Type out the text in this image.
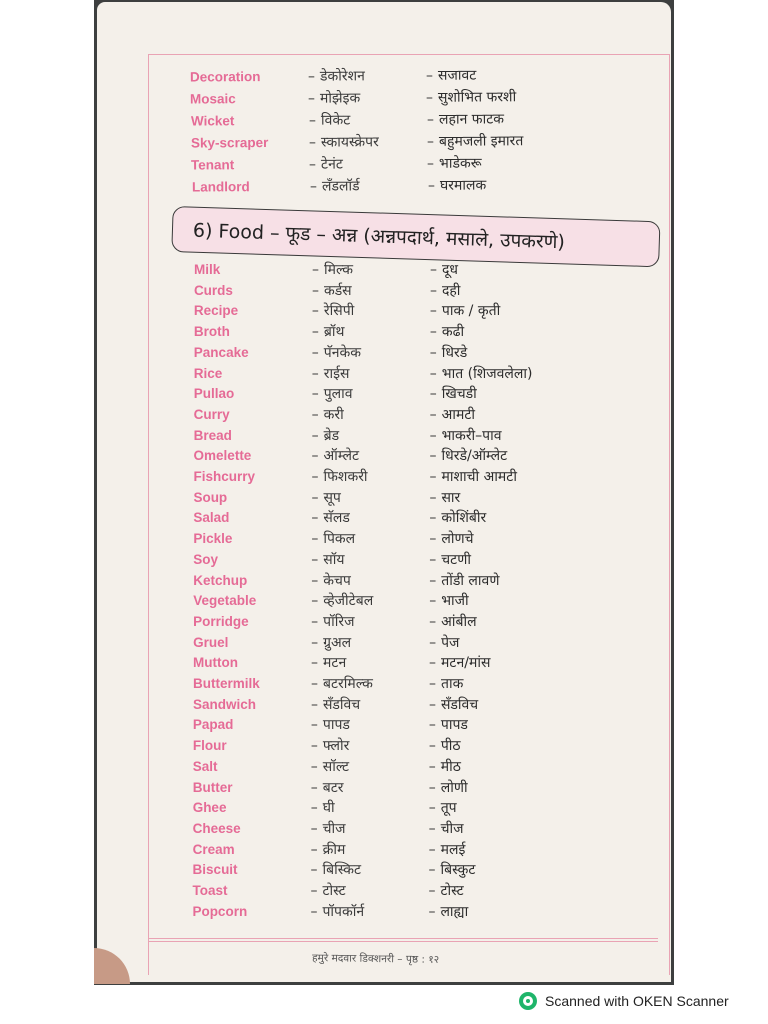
Decoration	– डेकोरेशन	– सजावट
Mosaic	– मोझेइक	– सुशोभित फरशी
Wicket	– विकेट	– लहान फाटक
Sky-scraper	– स्कायस्क्रेपर	– बहुमजली इमारत
Tenant	– टेनंट	– भाडेकरू
Landlord	– लँडलॉर्ड	– घरमालक
6) Food – फूड – अन्न (अन्नपदार्थ, मसाले, उपकरणे)
Milk	– मिल्क	– दूध
Curds	– कर्डस	– दही
Recipe	– रेसिपी	– पाक / कृती
Broth	– ब्रॉथ	– कढी
Pancake	– पॅनकेक	– धिरडे
Rice	– राईस	– भात (शिजवलेला)
Pullao	– पुलाव	– खिचडी
Curry	– करी	– आमटी
Bread	– ब्रेड	– भाकरी–पाव
Omelette	– ऑम्लेट	– धिरडे/ऑम्लेट
Fishcurry	– फिशकरी	– माशाची आमटी
Soup	– सूप	– सार
Salad	– सॅलड	– कोशिंबीर
Pickle	– पिकल	– लोणचे
Soy	– सॉय	– चटणी
Ketchup	– केचप	– तोंडी लावणे
Vegetable	– व्हेजीटेबल	– भाजी
Porridge	– पॉरिज	– आंबील
Gruel	– ग्रुअल	– पेज
Mutton	– मटन	– मटन/मांस
Buttermilk	– बटरमिल्क	– ताक
Sandwich	– सँडविच	– सँडविच
Papad	– पापड	– पापड
Flour	– फ्लोर	– पीठ
Salt	– सॉल्ट	– मीठ
Butter	– बटर	– लोणी
Ghee	– घी	– तूप
Cheese	– चीज	– चीज
Cream	– क्रीम	– मलई
Biscuit	– बिस्किट	– बिस्कुट
Toast	– टोस्ट	– टोस्ट
Popcorn	– पॉपकॉर्न	– लाह्या
हमुरे मदवार डिक्शनरी – पृष्ठ : १२
Scanned with OKEN Scanner
